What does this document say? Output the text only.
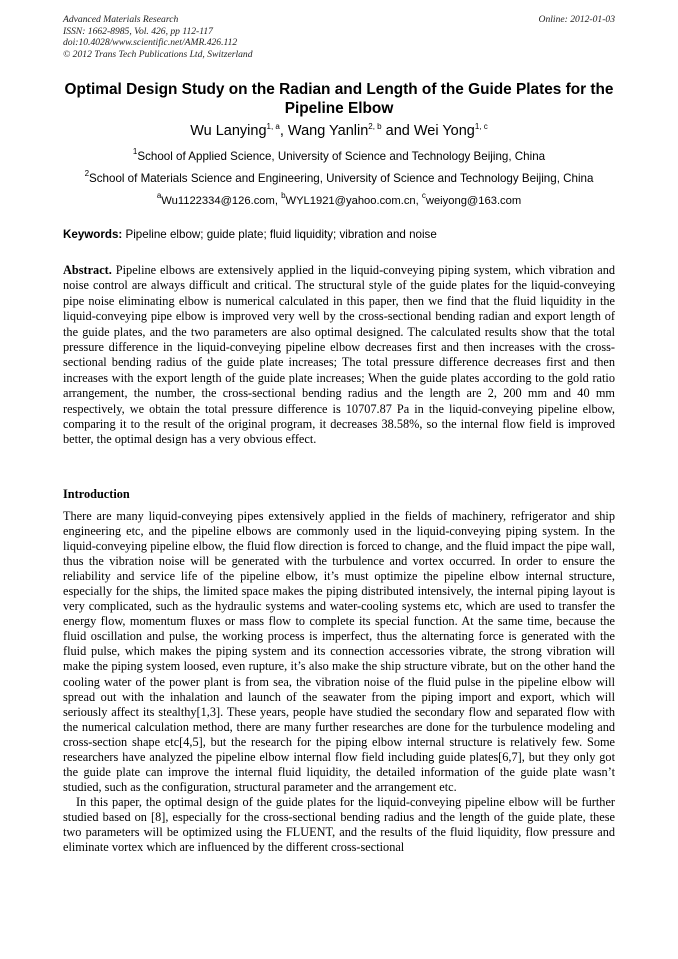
Advanced Materials Research
ISSN: 1662-8985, Vol. 426, pp 112-117
doi:10.4028/www.scientific.net/AMR.426.112
© 2012 Trans Tech Publications Ltd, Switzerland
Online: 2012-01-03
Optimal Design Study on the Radian and Length of the Guide Plates for the Pipeline Elbow
Wu Lanying$^{1, a}$, Wang Yanlin$^{2, b}$ and Wei Yong$^{1, c}$
$^1$School of Applied Science, University of Science and Technology Beijing, China
$^2$School of Materials Science and Engineering, University of Science and Technology Beijing, China
$^a$Wu1122334@126.com, $^b$WYL1921@yahoo.com.cn, $^c$weiyong@163.com
Keywords: Pipeline elbow; guide plate; fluid liquidity; vibration and noise
Abstract. Pipeline elbows are extensively applied in the liquid-conveying piping system, which vibration and noise control are always difficult and critical. The structural style of the guide plates for the liquid-conveying pipe noise eliminating elbow is numerical calculated in this paper, then we find that the fluid liquidity in the liquid-conveying pipe elbow is improved very well by the cross-sectional bending radian and export length of the guide plates, and the two parameters are also optimal designed. The calculated results show that the total pressure difference in the liquid-conveying pipeline elbow decreases first and then increases with the cross-sectional bending radius of the guide plate increases; The total pressure difference decreases first and then increases with the export length of the guide plate increases; When the guide plates according to the gold ratio arrangement, the number, the cross-sectional bending radius and the length are 2, 200 mm and 40 mm respectively, we obtain the total pressure difference is 10707.87 Pa in the liquid-conveying pipeline elbow, comparing it to the result of the original program, it decreases 38.58%, so the internal flow field is improved better, the optimal design has a very obvious effect.
Introduction

There are many liquid-conveying pipes extensively applied in the fields of machinery, refrigerator and ship engineering etc, and the pipeline elbows are commonly used in the liquid-conveying piping system. In the liquid-conveying pipeline elbow, the fluid flow direction is forced to change, and the fluid impact the pipe wall, thus the vibration noise will be generated with the turbulence and vortex occurred. In order to ensure the reliability and service life of the pipeline elbow, it’s must optimize the pipeline elbow internal structure, especially for the ships, the limited space makes the piping distributed intensively, the internal piping layout is very complicated, such as the hydraulic systems and water-cooling systems etc, which are used to transfer the energy flow, momentum fluxes or mass flow to complete its special function. At the same time, because the fluid oscillation and pulse, the working process is imperfect, thus the alternating force is generated with the fluid pulse, which makes the piping system and its connection accessories vibrate, the strong vibration will make the piping system loosed, even rupture, it’s also make the ship structure vibrate, but on the other hand the cooling water of the power plant is from sea, the vibration noise of the fluid pulse in the pipeline elbow will spread out with the inhalation and launch of the seawater from the piping import and export, which will seriously affect its stealthy[1,3]. These years, people have studied the secondary flow and separated flow with the numerical calculation method, there are many further researches are done for the turbulence modeling and cross-section shape etc[4,5], but the research for the piping elbow internal structure is relatively few. Some researchers have analyzed the pipeline elbow internal flow field including guide plates[6,7], but they only got the guide plate can improve the internal fluid liquidity, the detailed information of the guide plate wasn’t studied, such as the configuration, structural parameter and the arrangement etc.

In this paper, the optimal design of the guide plates for the liquid-conveying pipeline elbow will be further studied based on [8], especially for the cross-sectional bending radius and the length of the guide plate, these two parameters will be optimized using the FLUENT, and the results of the fluid liquidity, flow pressure and eliminate vortex which are influenced by the different cross-sectional
